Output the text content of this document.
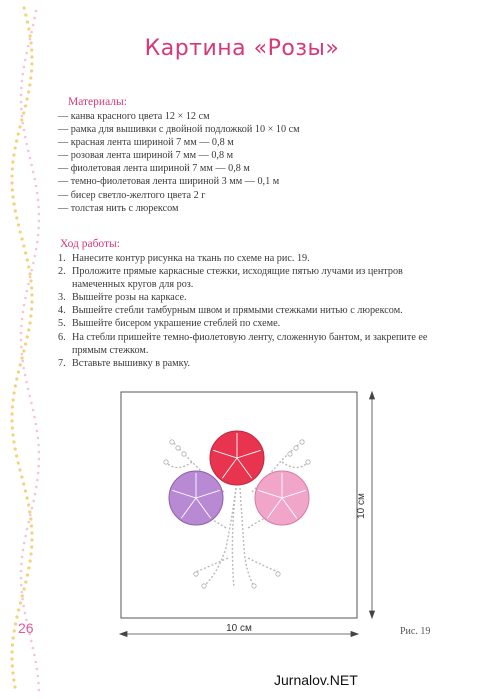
Картина «Розы»
Материалы:
— канва красного цвета 12 × 12 см
— рамка для вышивки с двойной подложкой 10 × 10 см
— красная лента шириной 7 мм — 0,8 м
— розовая лента шириной 7 мм — 0,8 м
— фиолетовая лента шириной 7 мм — 0,8 м
— темно-фиолетовая лента шириной 3 мм — 0,1 м
— бисер светло-желтого цвета 2 г
— толстая нить с люрексом
Ход работы:
1. Нанесите контур рисунка на ткань по схеме на рис. 19.
2. Проложите прямые каркасные стежки, исходящие пятью лучами из центров намеченных кругов для роз.
3. Вышейте розы на каркасе.
4. Вышейте стебли тамбурным швом и прямыми стежками нитью с люрексом.
5. Вышейте бисером украшение стеблей по схеме.
6. На стебли пришейте темно-фиолетовую ленту, сложенную бантом, и закрепите ее прямым стежком.
7. Вставьте вышивку в рамку.
10 см
10 см
26	Рис. 19
Jurnalov.NET
